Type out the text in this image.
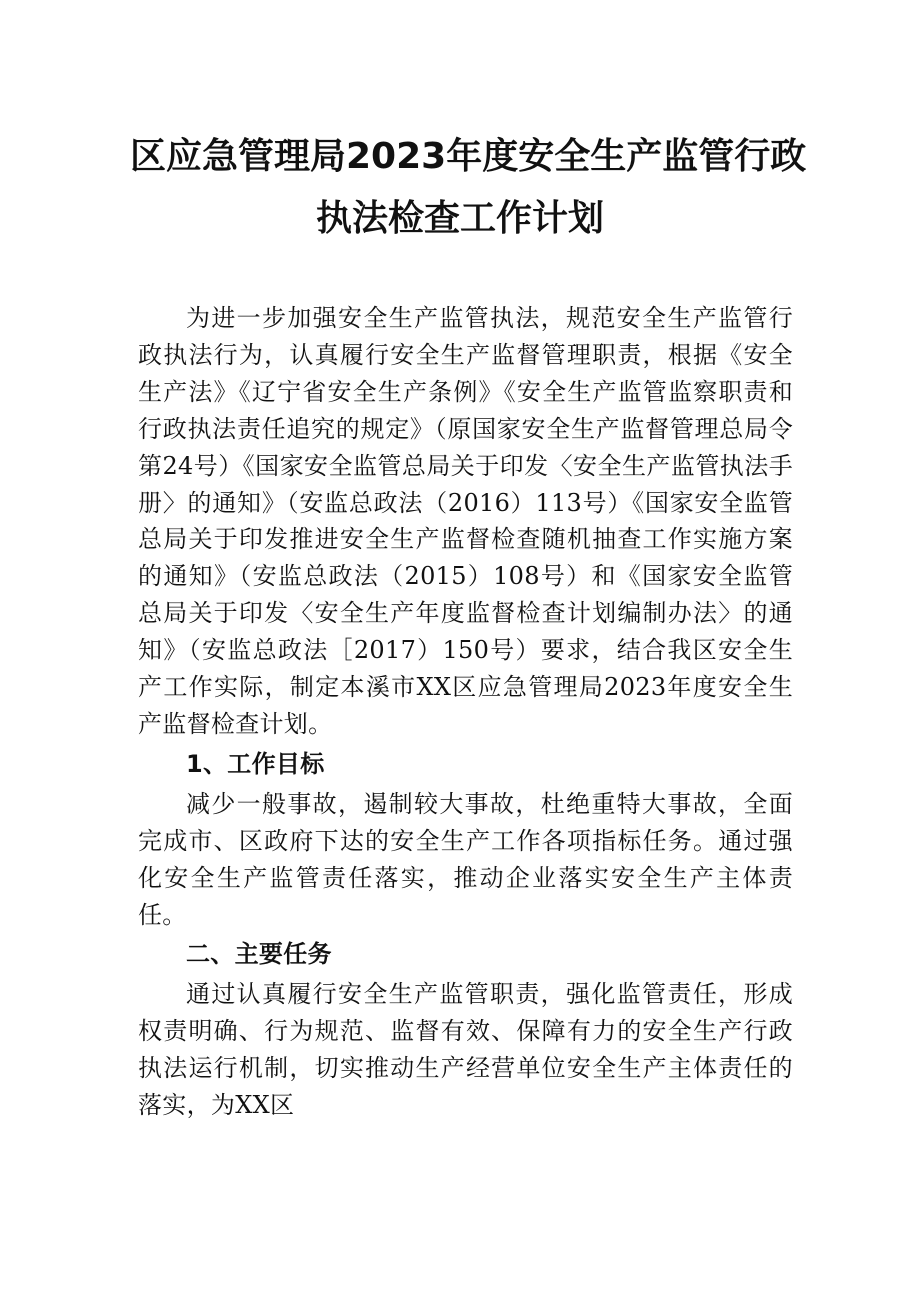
区应急管理局2023年度安全生产监管行政
执法检查工作计划

为进一步加强安全生产监管执法，规范安全生产监管行政执法行为，认真履行安全生产监督管理职责，根据《安全生产法》《辽宁省安全生产条例》《安全生产监管监察职责和行政执法责任追究的规定》（原国家安全生产监督管理总局令第24号）《国家安全监管总局关于印发〈安全生产监管执法手册〉的通知》（安监总政法（2016）113号）《国家安全监管总局关于印发推进安全生产监督检查随机抽查工作实施方案的通知》（安监总政法（2015）108号）和《国家安全监管总局关于印发〈安全生产年度监督检查计划编制办法〉的通知》（安监总政法［2017）150号）要求，结合我区安全生产工作实际，制定本溪市XX区应急管理局2023年度安全生产监督检查计划。

1、工作目标

减少一般事故，遏制较大事故，杜绝重特大事故，全面完成市、区政府下达的安全生产工作各项指标任务。通过强化安全生产监管责任落实，推动企业落实安全生产主体责任。

二、主要任务

通过认真履行安全生产监管职责，强化监管责任，形成权责明确、行为规范、监督有效、保障有力的安全生产行政执法运行机制，切实推动生产经营单位安全生产主体责任的落实，为XX区
